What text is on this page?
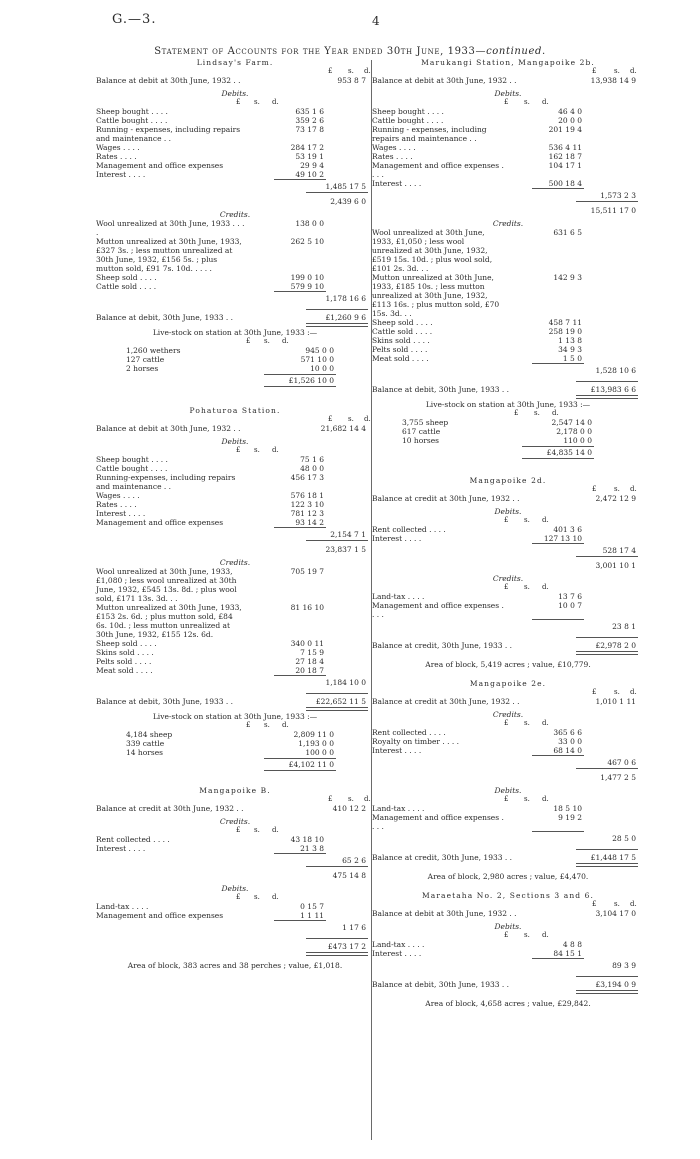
G.—3.	4
Statement of Accounts for the Year ended 30th June, 1933—continued.
Lindsay's Farm.
£ s. d.
Balance at debit at 30th June, 1932 . .	953 8 7
Debits.
£ s. d.
Sheep bought . . . .	635 1 6
Cattle bought . . . .	359 2 6
Running - expenses, including repairs and maintenance . .
73 17 8
Wages . . . .	284 17 2
Rates . . . .	53 19 1
Management and office expenses	29 9 4
Interest . . . .	49 10 2
1,485 17 5
2,439 6 0
Credits.
Wool unrealized at 30th June, 1933 . . . .
138 0 0
Mutton unrealized at 30th June, 1933, £327 3s. ; less mutton unrealized at 30th June, 1932, £156 5s. ; plus mutton sold, £91 7s. 10d. . . . .
262 5 10
Sheep sold . . . .	199 0 10
Cattle sold . . . .	579 9 10
1,178 16 6
Balance at debit, 30th June, 1933 . .	£1,260 9 6
Live-stock on station at 30th June, 1933 :—
£ s. d.
1,260 wethers	945 0 0
127 cattle	571 10 0
2 horses	10 0 0
£1,526 10 0
Pohaturoa Station.
£ s. d.
Balance at debit at 30th June, 1932 . .	21,682 14 4
Debits.
£ s. d.
Sheep bought . . . .	75 1 6
Cattle bought . . . .	48 0 0
Running-expenses, including repairs and maintenance . .
456 17 3
Wages . . . .	576 18 1
Rates . . . .	122 3 10
Interest . . . .	781 12 3
Management and office expenses	93 14 2
2,154 7 1
23,837 1 5
Credits.
Wool unrealized at 30th June, 1933, £1,080 ; less wool unrealized at 30th June, 1932, £545 13s. 8d. ; plus wool sold, £171 13s. 3d. . .
705 19 7
Mutton unrealized at 30th June, 1933, £153 2s. 6d. ; plus mutton sold, £84 6s. 10d. ; less mutton unrealized at 30th June, 1932, £155 12s. 6d.
81 16 10
Sheep sold . . . .	340 0 11
Skins sold . . . .	7 15 9
Pelts sold . . . .	27 18 4
Meat sold . . . .	20 18 7
1,184 10 0
Balance at debit, 30th June, 1933 . .	£22,652 11 5
Live-stock on station at 30th June, 1933 :—
£ s. d.
4,184 sheep	2,809 11 0
339 cattle	1,193 0 0
14 horses	100 0 0
£4,102 11 0
Mangapoike B.
£ s. d.
Balance at credit at 30th June, 1932 . .	410 12 2
Credits.
£ s. d.
Rent collected . . . .	43 18 10
Interest . . . .	21 3 8
65 2 6
475 14 8
Debits.
£ s. d.
Land-tax . . . .	0 15 7
Management and office expenses	1 1 11
1 17 6
£473 17 2
Area of block, 383 acres and 38 perches ; value, £1,018.
Marukangi Station, Mangapoike 2b.
£	s. d.
Balance at debit at 30th June, 1932 . .	13,938 14 9
Debits.
£ s. d.
Sheep bought . . . .	46 4 0
Cattle bought . . . .	20 0 0
Running - expenses, including repairs and maintenance . .
201 19 4
Wages . . . .	536 4 11
Rates . . . .	162 18 7
Management and office expenses . . . .
104 17 1
Interest . . . .	500 18 4
1,573 2 3
15,511 17 0
Credits.
Wool unrealized at 30th June, 1933, £1,050 ; less wool unrealized at 30th June, 1932, £519 15s. 10d. ; plus wool sold, £101 2s. 3d. . .
631 6 5
Mutton unrealized at 30th June, 1933, £185 10s. ; less mutton unrealized at 30th June, 1932, £113 16s. ; plus mutton sold, £70 15s. 3d. . .
142 9 3
Sheep sold . . . .	458 7 11
Cattle sold . . . .	258 19 0
Skins sold . . . .	1 13 8
Pelts sold . . . .	34 9 3
Meat sold . . . .	1 5 0
1,528 10 6
Balance at debit, 30th June, 1933 . .	£13,983 6 6
Live-stock on station at 30th June, 1933 :—
£ s. d.
3,755 sheep	2,547 14 0
617 cattle	2,178 0 0
10 horses	110 0 0
£4,835 14 0
Mangapoike 2d.
£	s. d.
Balance at credit at 30th June, 1932 . .	2,472 12 9
Debits.
£ s. d.
Rent collected . . . .	401 3 6
Interest . . . .	127 13 10
528 17 4
3,001 10 1
Credits.
£ s. d.
Land-tax . . . .	13 7 6
Management and office expenses . . . .
10 0 7
23 8 1
Balance at credit, 30th June, 1933 . .	£2,978 2 0
Area of block, 5,419 acres ; value, £10,779.
Mangapoike 2e.
£	s. d.
Balance at credit at 30th June, 1932 . .	1,010 1 11
Credits.
£ s. d.
Rent collected . . . .	365 6 6
Royalty on timber . . . .	33 0 0
Interest . . . .	68 14 0
467 0 6
1,477 2 5
Debits.
£ s. d.
Land-tax . . . .	18 5 10
Management and office expenses . . . .
9 19 2
28 5 0
Balance at credit, 30th June, 1933 . .	£1,448 17 5
Area of block, 2,980 acres ; value, £4,470.
Maraetaha No. 2, Sections 3 and 6.
£	s. d.
Balance at debit at 30th June, 1932 . .	3,104 17 0
Debits.
£ s. d.
Land-tax . . . .	4 8 8
Interest . . . .	84 15 1
89 3 9
Balance at debit, 30th June, 1933 . .	£3,194 0 9
Area of block, 4,658 acres ; value, £29,842.
